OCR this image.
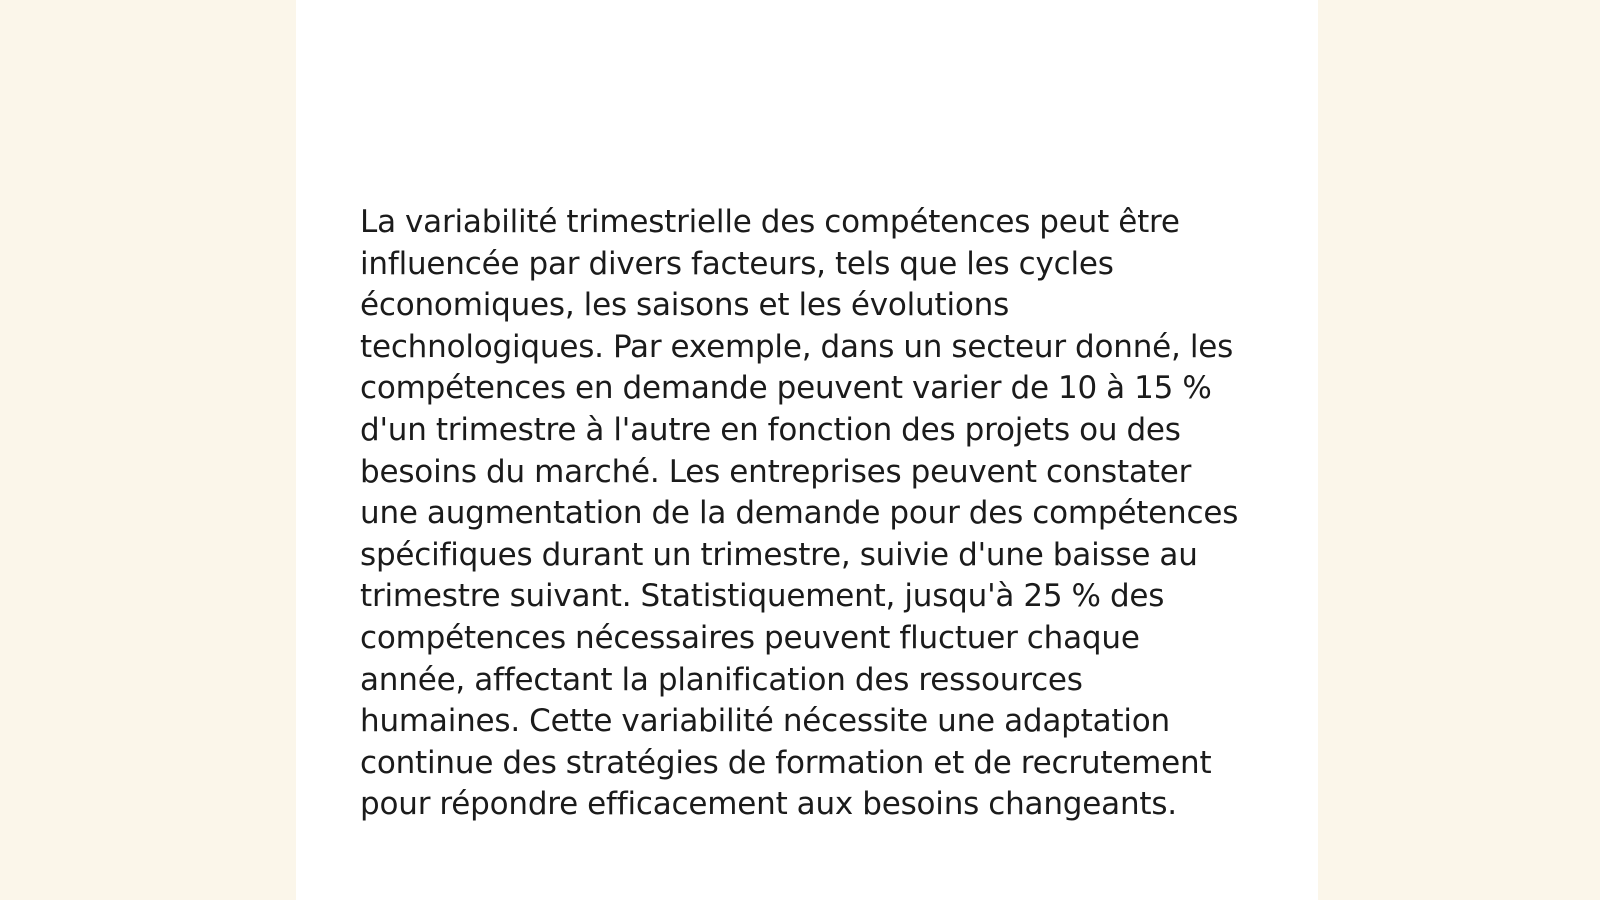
La variabilité trimestrielle des compétences peut être influencée par divers facteurs, tels que les cycles économiques, les saisons et les évolutions technologiques. Par exemple, dans un secteur donné, les compétences en demande peuvent varier de 10 à 15 % d'un trimestre à l'autre en fonction des projets ou des besoins du marché. Les entreprises peuvent constater une augmentation de la demande pour des compétences spécifiques durant un trimestre, suivie d'une baisse au trimestre suivant. Statistiquement, jusqu'à 25 % des compétences nécessaires peuvent fluctuer chaque année, affectant la planification des ressources humaines. Cette variabilité nécessite une adaptation continue des stratégies de formation et de recrutement pour répondre efficacement aux besoins changeants.
